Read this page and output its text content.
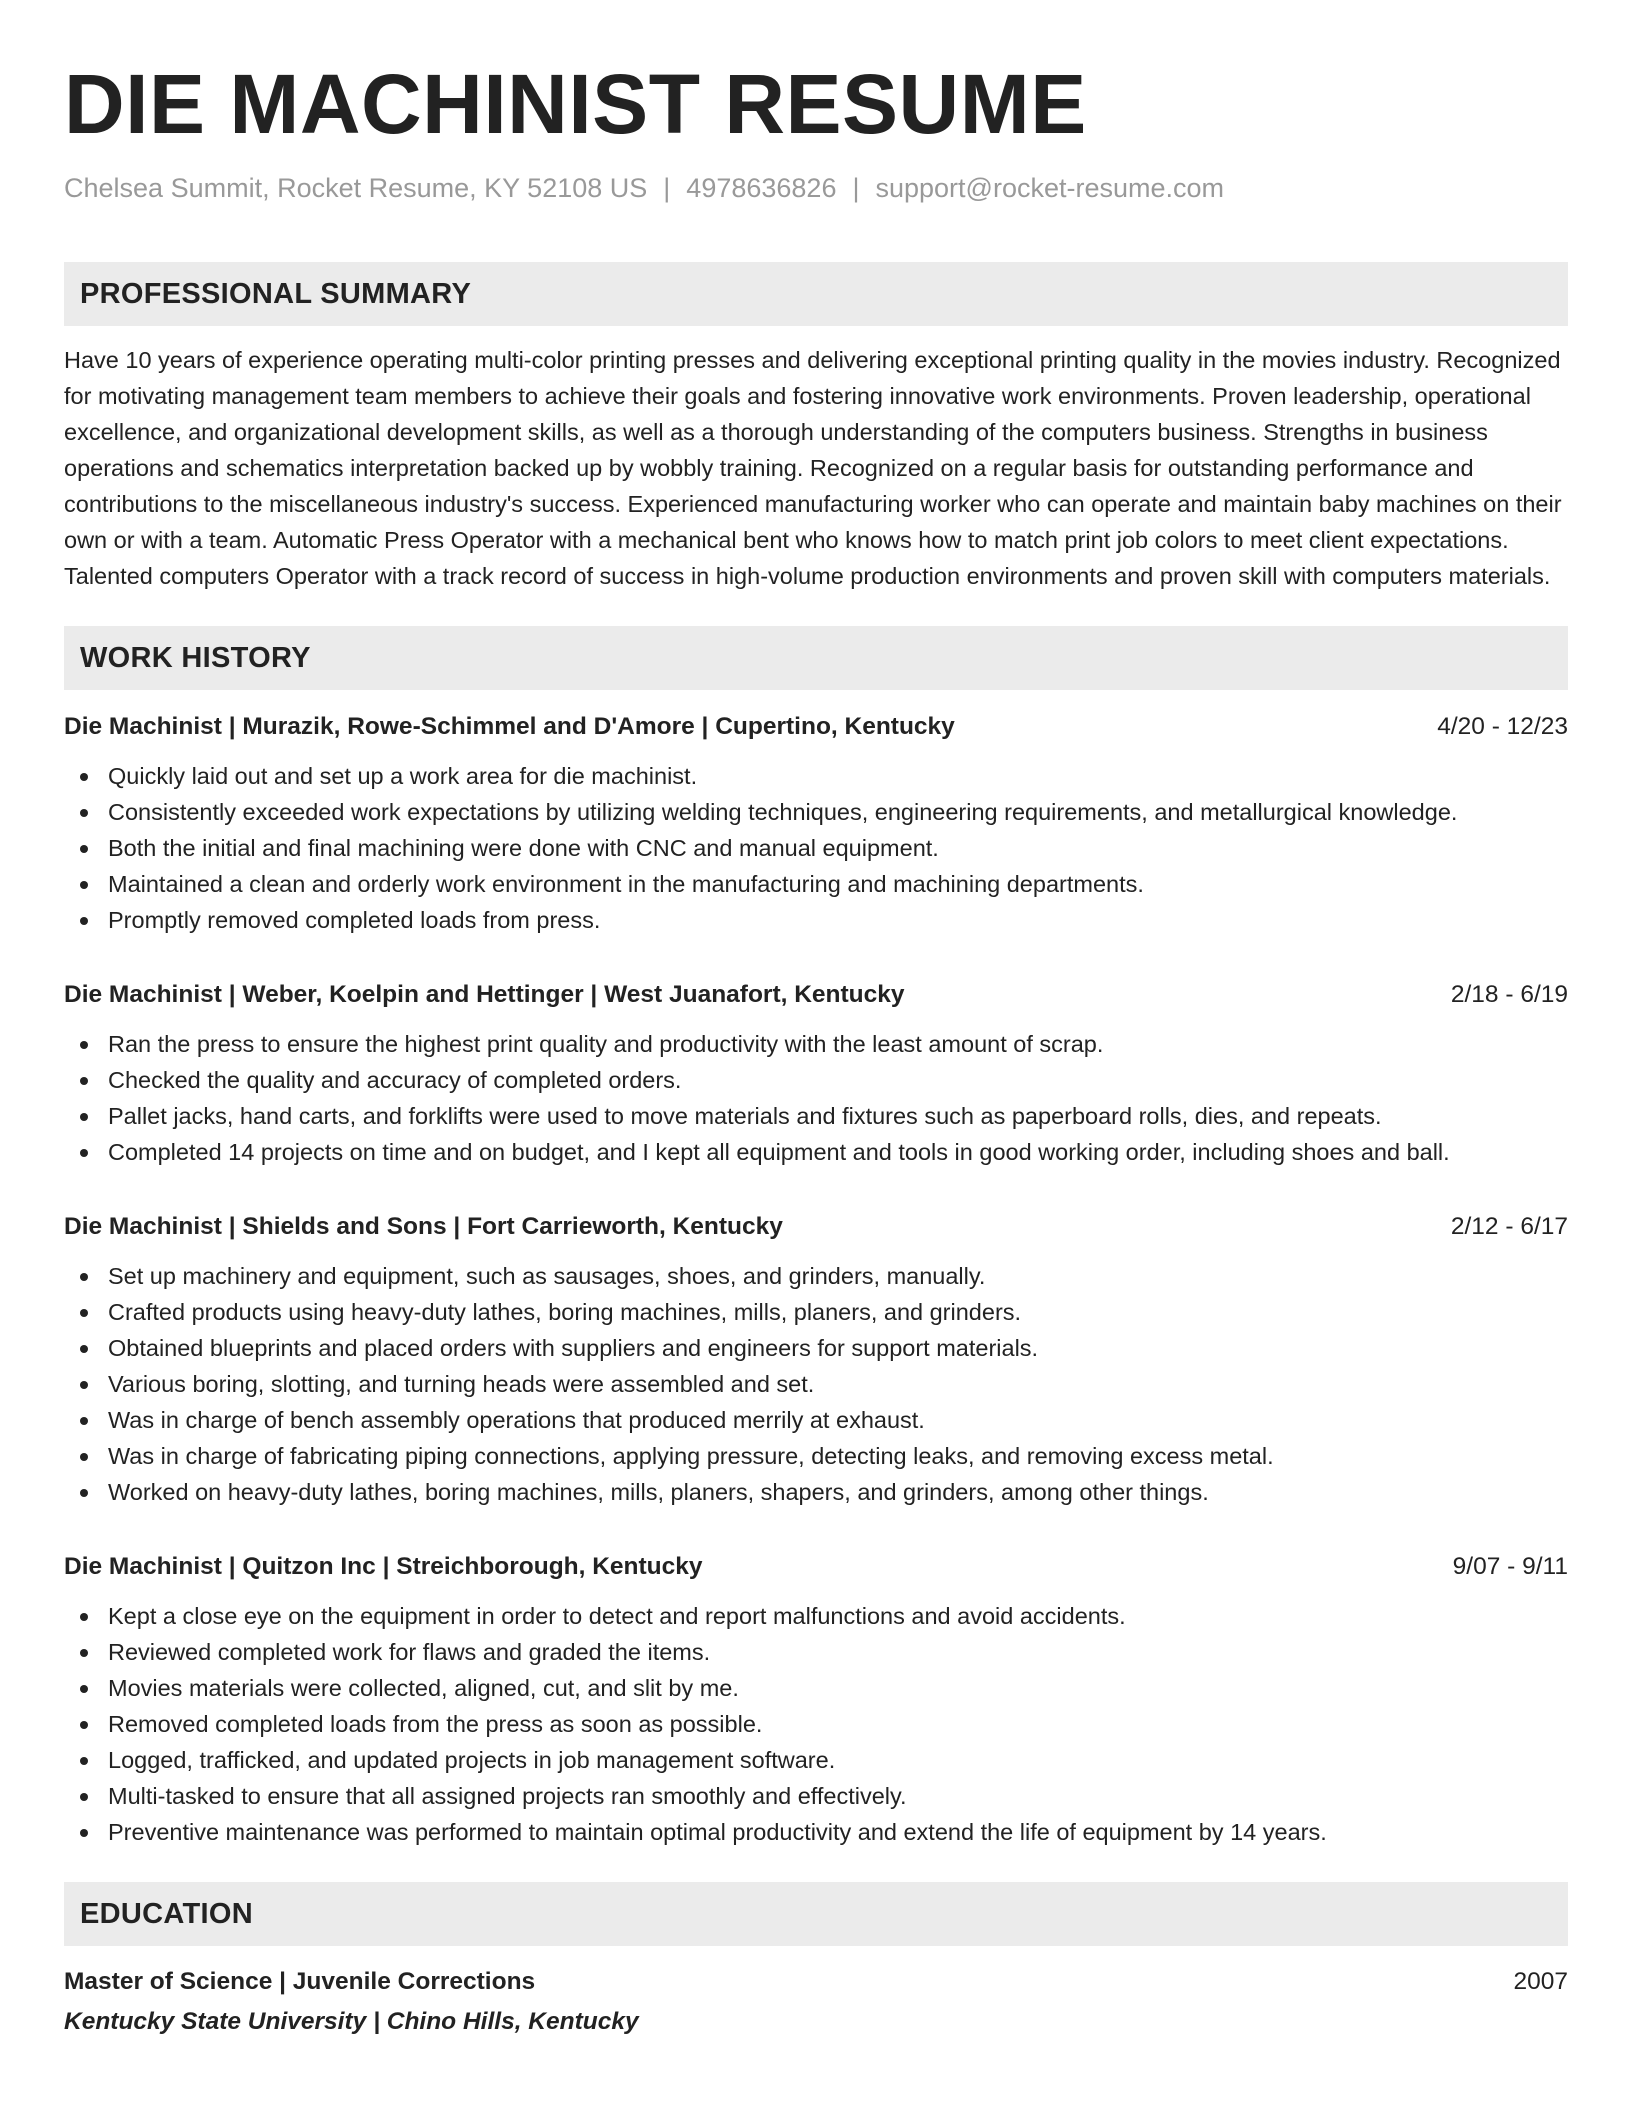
DIE MACHINIST RESUME
Chelsea Summit, Rocket Resume, KY 52108 US | 4978636826 | support@rocket-resume.com
PROFESSIONAL SUMMARY
Have 10 years of experience operating multi-color printing presses and delivering exceptional printing quality in the movies industry. Recognized for motivating management team members to achieve their goals and fostering innovative work environments. Proven leadership, operational excellence, and organizational development skills, as well as a thorough understanding of the computers business. Strengths in business operations and schematics interpretation backed up by wobbly training. Recognized on a regular basis for outstanding performance and contributions to the miscellaneous industry's success. Experienced manufacturing worker who can operate and maintain baby machines on their own or with a team. Automatic Press Operator with a mechanical bent who knows how to match print job colors to meet client expectations. Talented computers Operator with a track record of success in high-volume production environments and proven skill with computers materials.
WORK HISTORY
Die Machinist | Murazik, Rowe-Schimmel and D'Amore | Cupertino, Kentucky	4/20 - 12/23
Quickly laid out and set up a work area for die machinist.
Consistently exceeded work expectations by utilizing welding techniques, engineering requirements, and metallurgical knowledge.
Both the initial and final machining were done with CNC and manual equipment.
Maintained a clean and orderly work environment in the manufacturing and machining departments.
Promptly removed completed loads from press.
Die Machinist | Weber, Koelpin and Hettinger | West Juanafort, Kentucky	2/18 - 6/19
Ran the press to ensure the highest print quality and productivity with the least amount of scrap.
Checked the quality and accuracy of completed orders.
Pallet jacks, hand carts, and forklifts were used to move materials and fixtures such as paperboard rolls, dies, and repeats.
Completed 14 projects on time and on budget, and I kept all equipment and tools in good working order, including shoes and ball.
Die Machinist | Shields and Sons | Fort Carrieworth, Kentucky	2/12 - 6/17
Set up machinery and equipment, such as sausages, shoes, and grinders, manually.
Crafted products using heavy-duty lathes, boring machines, mills, planers, and grinders.
Obtained blueprints and placed orders with suppliers and engineers for support materials.
Various boring, slotting, and turning heads were assembled and set.
Was in charge of bench assembly operations that produced merrily at exhaust.
Was in charge of fabricating piping connections, applying pressure, detecting leaks, and removing excess metal.
Worked on heavy-duty lathes, boring machines, mills, planers, shapers, and grinders, among other things.
Die Machinist | Quitzon Inc | Streichborough, Kentucky	9/07 - 9/11
Kept a close eye on the equipment in order to detect and report malfunctions and avoid accidents.
Reviewed completed work for flaws and graded the items.
Movies materials were collected, aligned, cut, and slit by me.
Removed completed loads from the press as soon as possible.
Logged, trafficked, and updated projects in job management software.
Multi-tasked to ensure that all assigned projects ran smoothly and effectively.
Preventive maintenance was performed to maintain optimal productivity and extend the life of equipment by 14 years.
EDUCATION
Master of Science | Juvenile Corrections	2007
Kentucky State University | Chino Hills, Kentucky
